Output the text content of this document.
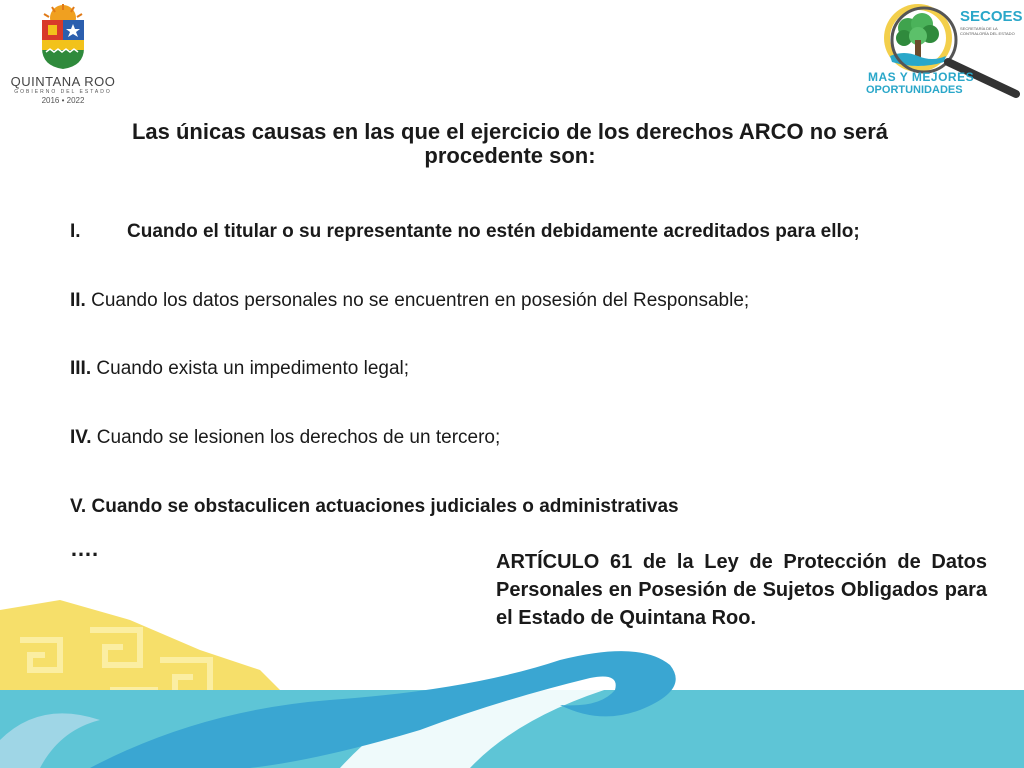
QUINTANA ROO
GOBIERNO DEL ESTADO
2016 • 2022
SECOES
SECRETARÍA DE LA CONTRALORÍA DEL ESTADO
MAS Y MEJORES
OPORTUNIDADES
Las únicas causas en las que el ejercicio de los derechos ARCO no será procedente son:
I. Cuando el titular o su representante no estén debidamente acreditados para ello;
II. Cuando los datos personales no se encuentren en posesión del Responsable;
III. Cuando exista un impedimento legal;
IV. Cuando se lesionen los derechos de un tercero;
V. Cuando se obstaculicen actuaciones judiciales o administrativas
….
ARTÍCULO 61 de la Ley de Protección de Datos Personales en Posesión de Sujetos Obligados para el Estado de Quintana Roo.
